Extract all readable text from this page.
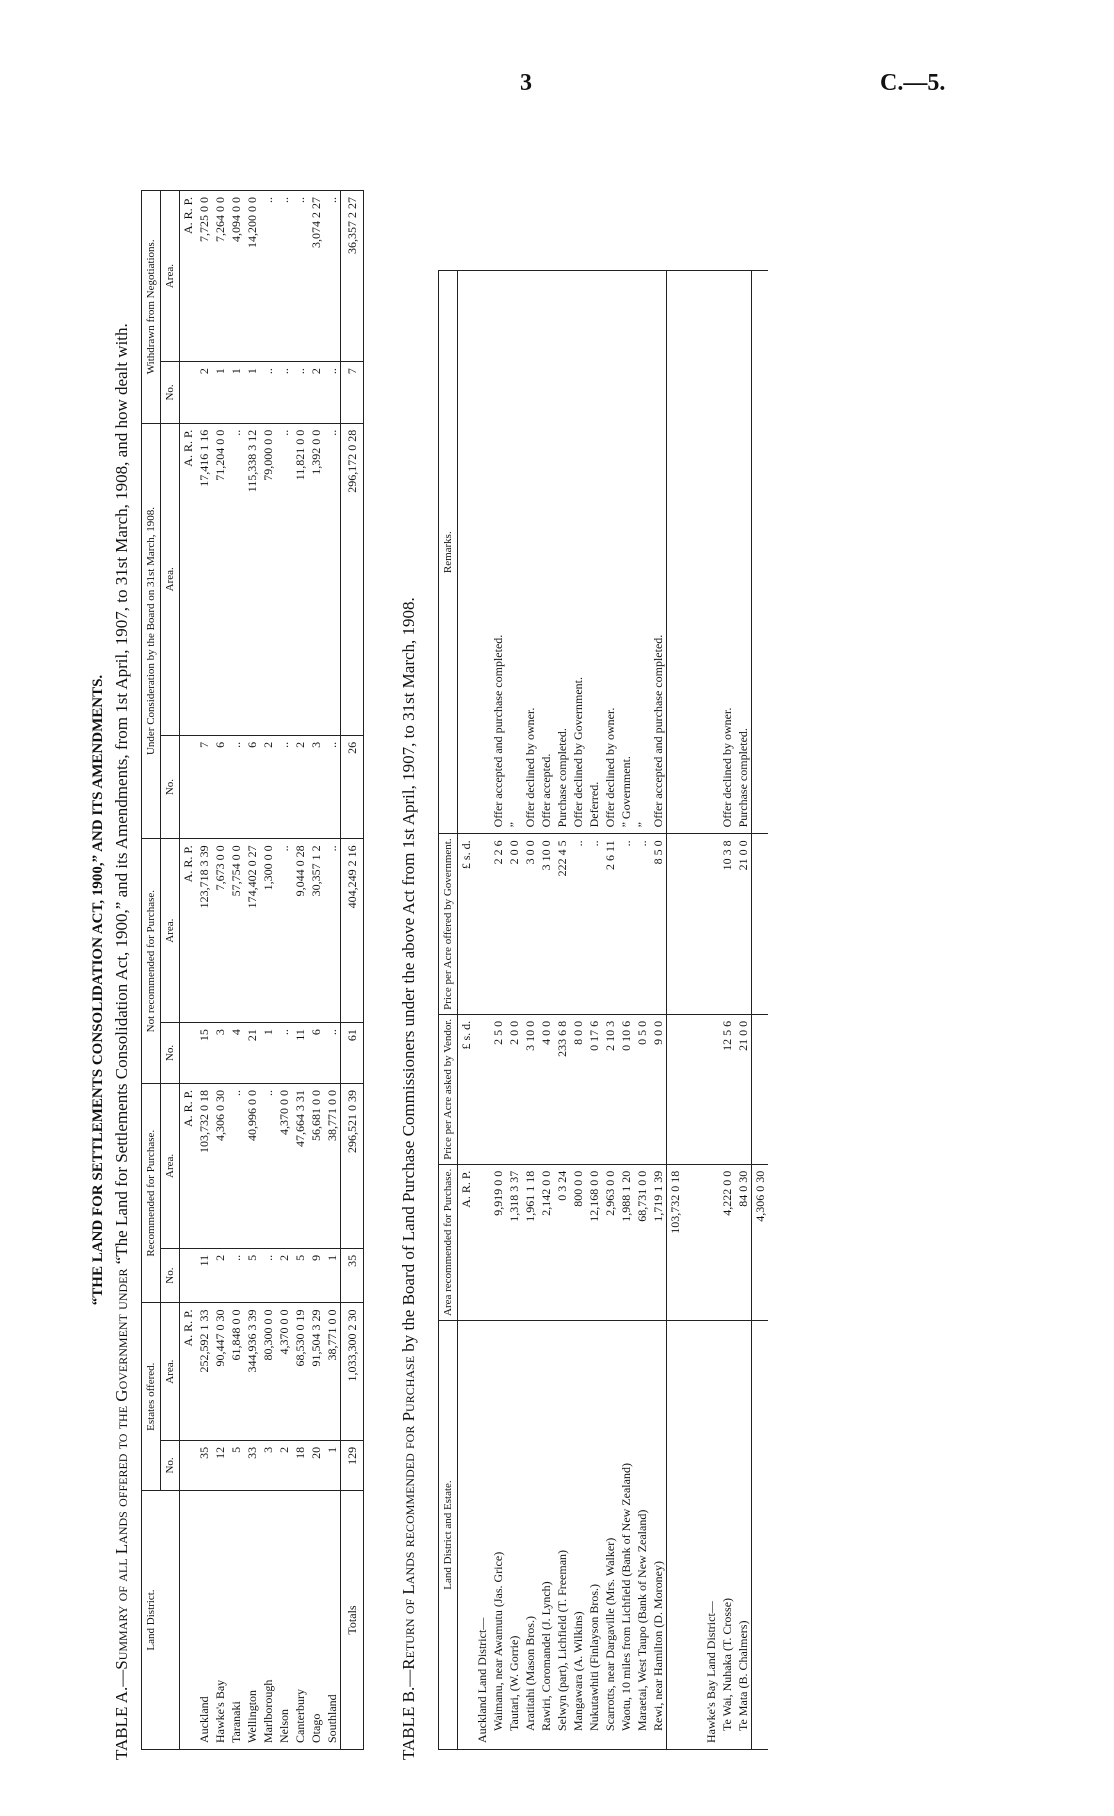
3	C.—5.
“THE LAND FOR SETTLEMENTS CONSOLIDATION ACT, 1900,” AND ITS AMENDMENTS.
TABLE A.—Summary of all Lands offered to the Government under “The Land for Settlements Consolidation Act, 1900,” and its Amendments, from 1st April, 1907, to 31st March, 1908, and how dealt with.
Land District.	Estates offered.		Recommended for Purchase.		Not recommended for Purchase.		Under Consideration by the Board on 31st March, 1908.		Withdrawn from Negotiations.	
	No.	Area.	No.	Area.	No.	Area.	No.	Area.	No.	Area.
		A. R. P.		A. R. P.		A. R. P.		A. R. P.		A. R. P.
Auckland	35	252,592 1 33	11	103,732 0 18	15	123,718 3 39	7	17,416 1 16	2	7,725 0 0
Hawke's Bay	12	90,447 0 30	2	4,306 0 30	3	7,673 0 0	6	71,204 0 0	1	7,264 0 0
Taranaki	5	61,848 0 0	..	..	4	57,754 0 0	..	..	1	4,094 0 0
Wellington	33	344,936 3 39	5	40,996 0 0	21	174,402 0 27	6	115,338 3 12	1	14,200 0 0
Marlborough	3	80,300 0 0	..	..	1	1,300 0 0	2	79,000 0 0	..	..
Nelson	2	4,370 0 0	2	4,370 0 0	..	..	..	..	..	..
Canterbury	18	68,530 0 19	5	47,664 3 31	11	9,044 0 28	2	11,821 0 0	..	..
Otago	20	91,504 3 29	9	56,681 0 0	6	30,357 1 2	3	1,392 0 0	2	3,074 2 27
Southland	1	38,771 0 0	1	38,771 0 0	..	..	..	..	..	..
Totals	129	1,033,300 2 30	35	296,521 0 39	61	404,249 2 16	26	296,172 0 28	7	36,357 2 27
TABLE B.—Return of Lands recommended for Purchase by the Board of Land Purchase Commissioners under the above Act from 1st April, 1907, to 31st March, 1908.
Land District and Estate.	Area recommended for Purchase.	Price per Acre asked by Vendor.	Price per Acre offered by Government.	Remarks.
	A. R. P.	£ s. d.	£ s. d.	
Auckland Land District—				
Waimanu, near Awamutu (Jas. Grice)	9,919 0 0	2 5 0	2 2 6	Offer accepted and purchase completed.
Tautari, (W. Gorrie)	1,318 3 37	2 0 0	2 0 0	”
Aratitahi (Mason Bros.)	1,961 1 18	3 10 0	3 0 0	Offer declined by owner.
Rawiri, Coromandel (J. Lynch)	2,142 0 0	4 0 0	3 10 0	Offer accepted.
Selwyn (part), Lichfield (T. Freeman)	0 3 24	233 6 8	222 4 5	Purchase completed.
Mangawara (A. Wilkins)	800 0 0	8 0 0	..	Offer declined by Government.
Nukutawhiti (Finlayson Bros.)	12,168 0 0	0 17 6	..	Deferred.
Scarrotts, near Dargaville (Mrs. Walker)	2,963 0 0	2 10 3	2 6 11	Offer declined by owner.
Waotu, 10 miles from Lichfield (Bank of New Zealand)	1,988 1 20	0 10 6	..	” Government.
Maraetai, West Taupo (Bank of New Zealand)	68,731 0 0	0 5 0	..	”
Rewi, near Hamilton (D. Moroney)	1,719 1 39	9 0 0	8 5 0	Offer accepted and purchase completed.
	103,732 0 18			

Hawke's Bay Land District—				
Te Wai, Nuhaka (T. Crosse)	4,222 0 0	12 5 6	10 3 8	Offer declined by owner.
Te Mata (B. Chalmers)	84 0 30	21 0 0	21 0 0	Purchase completed.
	4,306 0 30			
